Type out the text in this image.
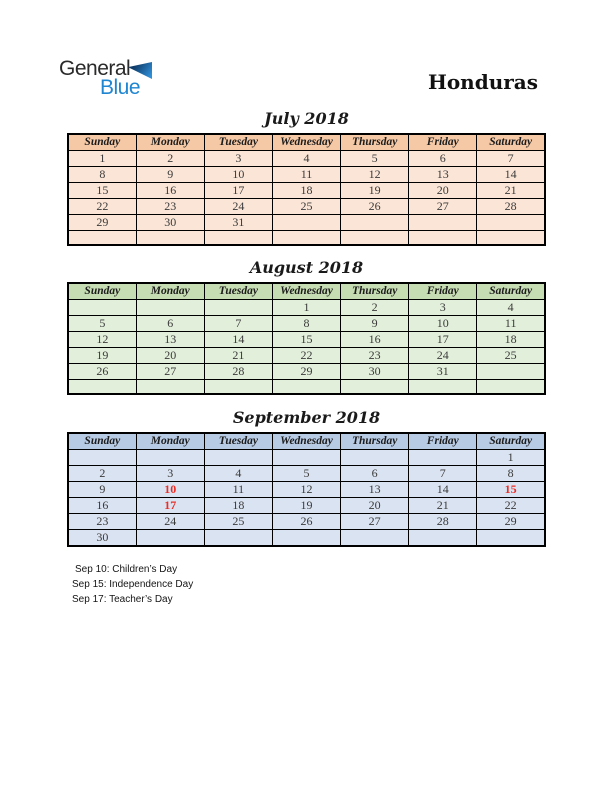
General
Blue	Honduras
July 2018
Sunday	Monday	Tuesday	Wednesday	Thursday	Friday	Saturday
1	2	3	4	5	6	7
8	9	10	11	12	13	14
15	16	17	18	19	20	21
22	23	24	25	26	27	28
29	30	31				

August 2018
Sunday	Monday	Tuesday	Wednesday	Thursday	Friday	Saturday
			1	2	3	4
5	6	7	8	9	10	11
12	13	14	15	16	17	18
19	20	21	22	23	24	25
26	27	28	29	30	31	

September 2018
Sunday	Monday	Tuesday	Wednesday	Thursday	Friday	Saturday
						1
2	3	4	5	6	7	8
9	10	11	12	13	14	15
16	17	18	19	20	21	22
23	24	25	26	27	28	29
30						
Sep 10: Children’s Day
Sep 15: Independence Day
Sep 17: Teacher’s Day
